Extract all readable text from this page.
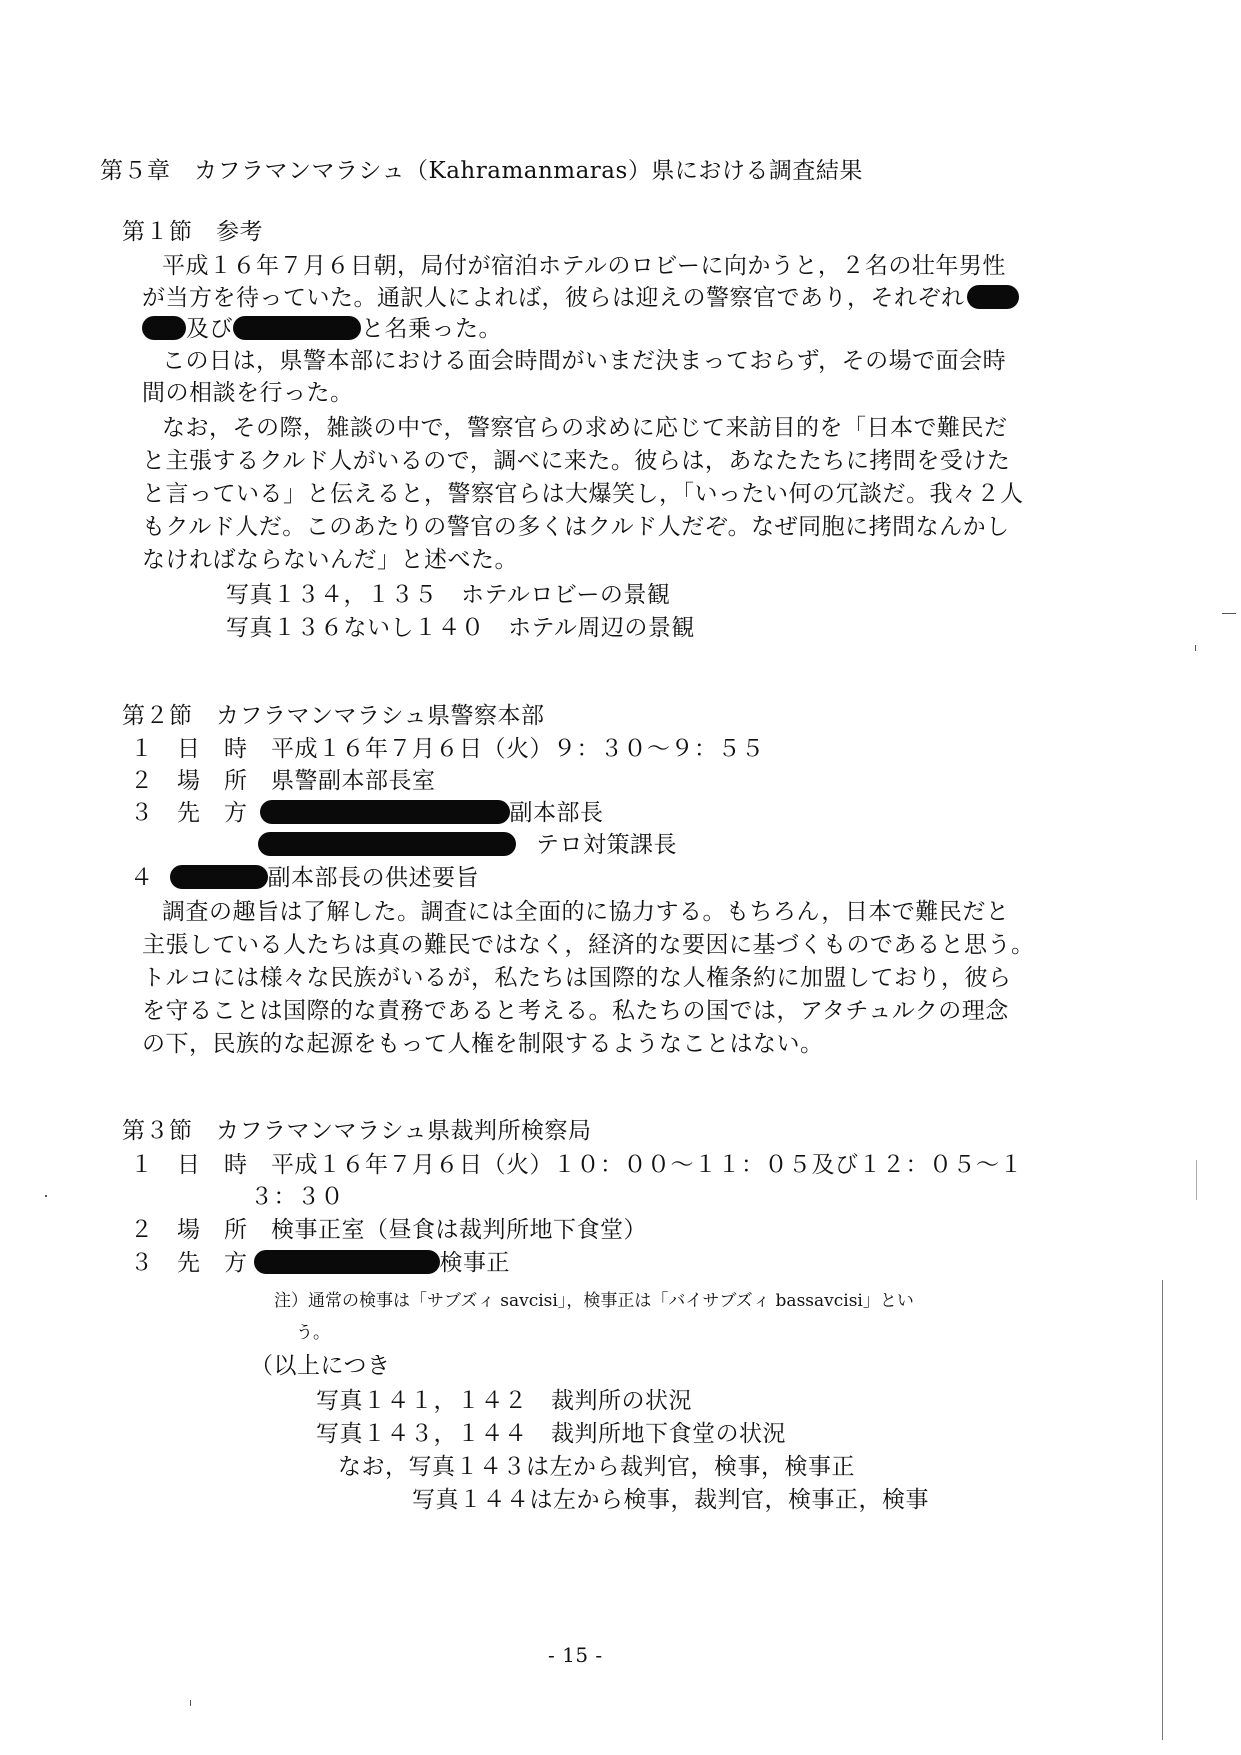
第５章　カフラマンマラシュ（Kahramanmaras）県における調査結果
第１節　参考
平成１６年７月６日朝，局付が宿泊ホテルのロビーに向かうと，２名の壮年男性
が当方を待っていた。通訳人によれば，彼らは迎えの警察官であり，それぞれ
及び	と名乗った。
この日は，県警本部における面会時間がいまだ決まっておらず，その場で面会時
間の相談を行った。
なお，その際，雑談の中で，警察官らの求めに応じて来訪目的を「日本で難民だ
と主張するクルド人がいるので，調べに来た。彼らは，あなたたちに拷問を受けた
と言っている」と伝えると，警察官らは大爆笑し，「いったい何の冗談だ。我々２人
もクルド人だ。このあたりの警官の多くはクルド人だぞ。なぜ同胞に拷問なんかし
なければならないんだ」と述べた。
写真１３４，１３５　ホテルロビーの景観
写真１３６ないし１４０　ホテル周辺の景観
第２節　カフラマンマラシュ県警察本部
１　日　時　平成１６年７月６日（火）９：３０～９：５５
２　場　所　県警副本部長室
３　先　方	副本部長
テロ対策課長
４	副本部長の供述要旨
調査の趣旨は了解した。調査には全面的に協力する。もちろん，日本で難民だと
主張している人たちは真の難民ではなく，経済的な要因に基づくものであると思う。
トルコには様々な民族がいるが，私たちは国際的な人権条約に加盟しており，彼ら
を守ることは国際的な責務であると考える。私たちの国では，アタチュルクの理念
の下，民族的な起源をもって人権を制限するようなことはない。
第３節　カフラマンマラシュ県裁判所検察局
１　日　時　平成１６年７月６日（火）１０：００～１１：０５及び１２：０５～１
３：３０
２　場　所　検事正室（昼食は裁判所地下食堂）
３　先　方	検事正
注）通常の検事は「サブズィ savcisi」，検事正は「バイサブズィ bassavcisi」とい
う。
（以上につき
写真１４１，１４２　裁判所の状況
写真１４３，１４４　裁判所地下食堂の状況
なお，写真１４３は左から裁判官，検事，検事正
写真１４４は左から検事，裁判官，検事正，検事
- 15 -
